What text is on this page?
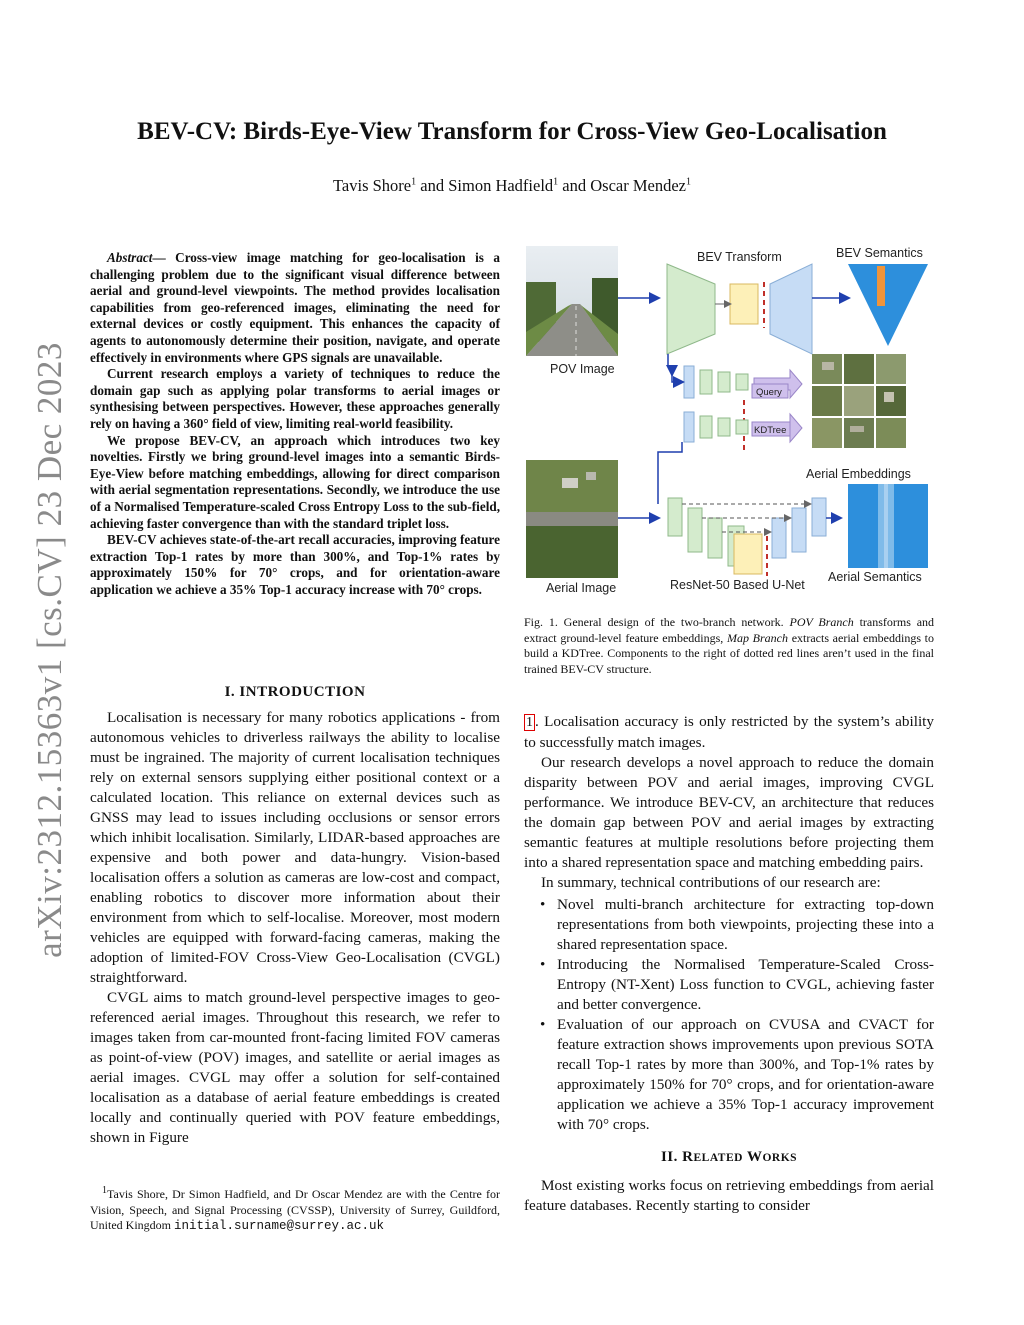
BEV-CV: Birds-Eye-View Transform for Cross-View Geo-Localisation
Tavis Shore$^1$ and Simon Hadfield$^1$ and Oscar Mendez$^1$
arXiv:2312.15363v1 [cs.CV] 23 Dec 2023

Abstract— Cross-view image matching for geo-localisation is a challenging problem due to the significant visual difference between aerial and ground-level viewpoints. The method provides localisation capabilities from geo-referenced images, eliminating the need for external devices or costly equipment. This enhances the capacity of agents to autonomously determine their position, navigate, and operate effectively in environments where GPS signals are unavailable.

Current research employs a variety of techniques to reduce the domain gap such as applying polar transforms to aerial images or synthesising between perspectives. However, these approaches generally rely on having a 360° field of view, limiting real-world feasibility.

We propose BEV-CV, an approach which introduces two key novelties. Firstly we bring ground-level images into a semantic Birds-Eye-View before matching embeddings, allowing for direct comparison with aerial segmentation representations. Secondly, we introduce the use of a Normalised Temperature-scaled Cross Entropy Loss to the sub-field, achieving faster convergence than with the standard triplet loss.

BEV-CV achieves state-of-the-art recall accuracies, improving feature extraction Top-1 rates by more than 300%, and Top-1% rates by approximately 150% for 70° crops, and for orientation-aware application we achieve a 35% Top-1 accuracy increase with 70° crops.

I. INTRODUCTION

Localisation is necessary for many robotics applications - from autonomous vehicles to driverless railways the ability to localise must be ingrained. The majority of current localisation techniques rely on external sensors supplying either positional context or a calculated location. This reliance on external devices such as GNSS may lead to issues including occlusions or sensor errors which inhibit localisation. Similarly, LIDAR-based approaches are expensive and both power and data-hungry. Vision-based localisation offers a solution as cameras are low-cost and compact, enabling robotics to discover more information about their environment from which to self-localise. Moreover, most modern vehicles are equipped with forward-facing cameras, making the adoption of limited-FOV Cross-View Geo-Localisation (CVGL) straightforward.

CVGL aims to match ground-level perspective images to geo-referenced aerial images. Throughout this research, we refer to images taken from car-mounted front-facing limited FOV cameras as point-of-view (POV) images, and satellite or aerial images as aerial images. CVGL may offer a solution for self-contained localisation as a database of aerial feature embeddings is created locally and continually queried with POV feature embeddings, shown in Figure

$^1$Tavis Shore, Dr Simon Hadfield, and Dr Oscar Mendez are with the Centre for Vision, Speech, and Signal Processing (CVSSP), University of Surrey, Guildford, United Kingdom initial.surname@surrey.ac.uk

POV Image
BEV Transform	BEV Semantics
Query
KDTree
Aerial Embeddings
Aerial Image	ResNet-50 Based U-Net
Aerial Semantics
Fig. 1. General design of the two-branch network. POV Branch transforms and extract ground-level feature embeddings, Map Branch extracts aerial embeddings to build a KDTree. Components to the right of dotted red lines aren’t used in the final trained BEV-CV structure.

1 . Localisation accuracy is only restricted by the system’s ability to successfully match images.

Our research develops a novel approach to reduce the domain disparity between POV and aerial images, improving CVGL performance. We introduce BEV-CV, an architecture that reduces the domain gap between POV and aerial images by extracting semantic features at multiple resolutions before projecting them into a shared representation space and matching embedding pairs.

In summary, technical contributions of our research are:

• Novel multi-branch architecture for extracting top-down representations from both viewpoints, projecting these into a shared representation space.
• Introducing the Normalised Temperature-Scaled Cross-Entropy (NT-Xent) Loss function to CVGL, achieving faster and better convergence.
• Evaluation of our approach on CVUSA and CVACT for feature extraction shows improvements upon previous SOTA recall Top-1 rates by more than 300%, and Top-1% rates by approximately 150% for 70° crops, and for orientation-aware application we achieve a 35% Top-1 accuracy improvement with 70° crops.
II. RELATED WORKS

Most existing works focus on retrieving embeddings from aerial feature databases. Recently starting to consider
